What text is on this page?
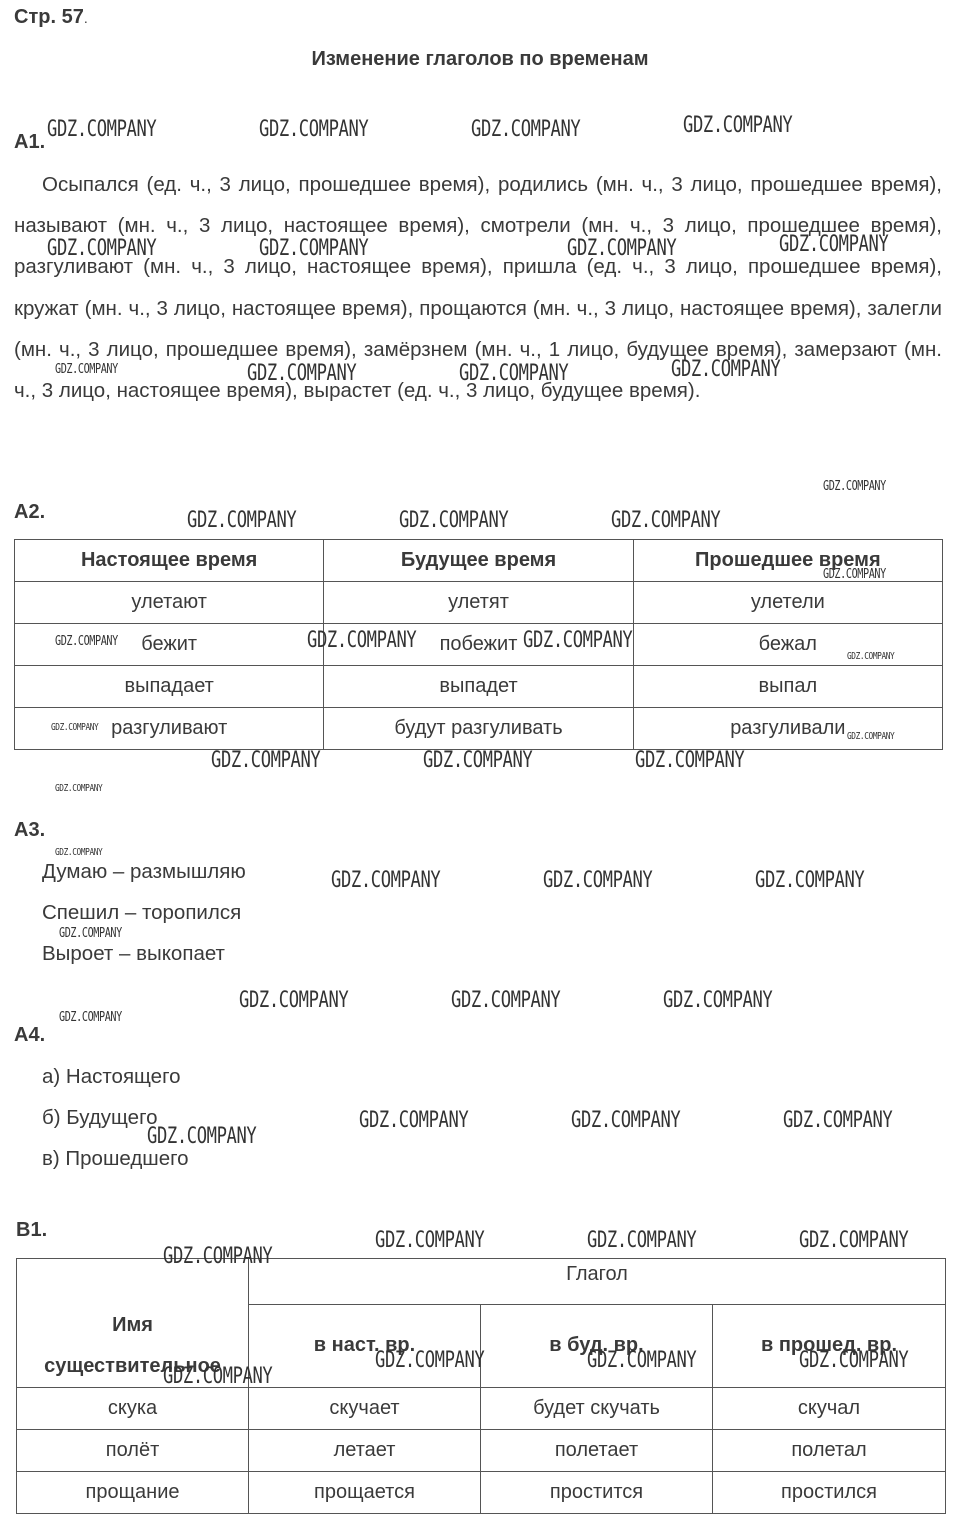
Стр. 57.
Изменение глаголов по временам
А1.

Осыпался (ед. ч., 3 лицо, прошедшее время), родились (мн. ч., 3 лицо, прошедшее время), называют (мн. ч., 3 лицо, настоящее время), смотрели (мн. ч., 3 лицо, прошедшее время), разгуливают (мн. ч., 3 лицо, настоящее время), пришла (ед. ч., 3 лицо, прошедшее время), кружат (мн. ч., 3 лицо, настоящее время), прощаются (мн. ч., 3 лицо, настоящее время), залегли (мн. ч., 3 лицо, прошедшее время), замёрзнем (мн. ч., 1 лицо, будущее время), замерзают (мн. ч., 3 лицо, настоящее время), вырастет (ед. ч., 3 лицо, будущее время).

А2.
Настоящее время	Будущее время	Прошедшее время
улетают	улетят	улетели
бежит	побежит	бежал
выпадает	выпадет	выпал
разгуливают	будут разгуливать	разгуливали
А3.
Думаю – размышляю
Спешил – торопился
Выроет – выкопает
А4.
а) Настоящего
б) Будущего
в) Прошедшего
В1.
	Глагол		

Имя
существительное	в наст. вр.	в буд. вр.	в прошед. вр.
скука	скучает	будет скучать	скучал
полёт	летает	полетает	полетал
прощание	прощается	простится	простился
GDZ.COMPANY	GDZ.COMPANY	GDZ.COMPANY	GDZ.COMPANY
GDZ.COMPANY	GDZ.COMPANY	GDZ.COMPANY	GDZ.COMPANY
GDZ.COMPANY	GDZ.COMPANY	GDZ.COMPANY	GDZ.COMPANY
GDZ.COMPANY
GDZ.COMPANY	GDZ.COMPANY	GDZ.COMPANY
GDZ.COMPANY
GDZ.COMPANY	GDZ.COMPANY	GDZ.COMPANY
GDZ.COMPANY
GDZ.COMPANY
GDZ.COMPANY
GDZ.COMPANY	GDZ.COMPANY	GDZ.COMPANY
GDZ.COMPANY
GDZ.COMPANY
GDZ.COMPANY	GDZ.COMPANY	GDZ.COMPANY
GDZ.COMPANY
GDZ.COMPANY	GDZ.COMPANY	GDZ.COMPANY
GDZ.COMPANY
GDZ.COMPANY	GDZ.COMPANY	GDZ.COMPANY
GDZ.COMPANY
GDZ.COMPANY	GDZ.COMPANY	GDZ.COMPANY
GDZ.COMPANY
GDZ.COMPANY	GDZ.COMPANY	GDZ.COMPANY
GDZ.COMPANY
